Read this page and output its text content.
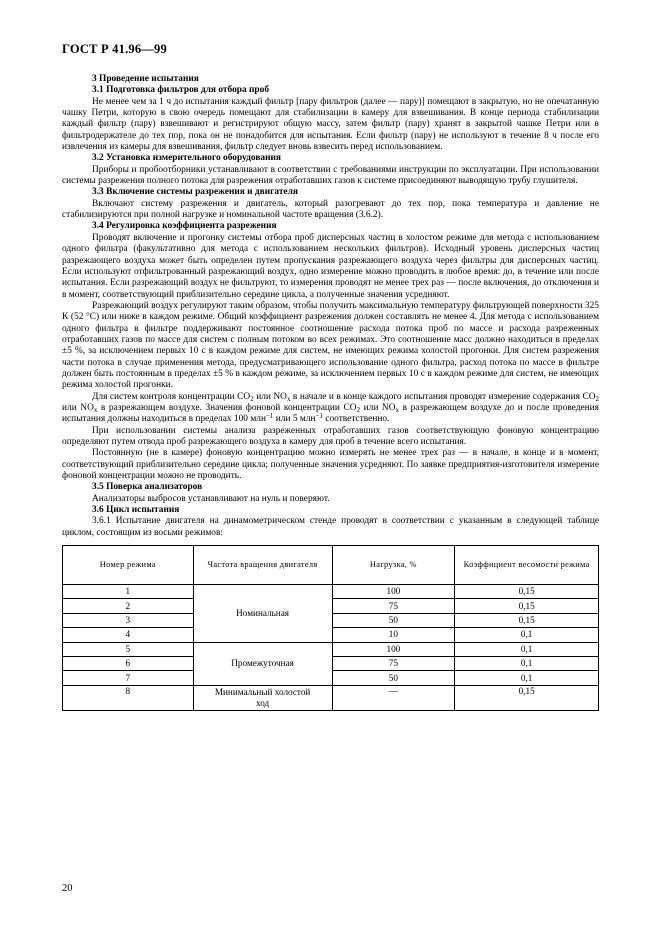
ГОСТ Р 41.96—99
3 Проведение испытания
3.1 Подготовка фильтров для отбора проб

Не менее чем за 1 ч до испытания каждый фильтр [пару фильтров (далее — пару)] помещают в закрытую, но не опечатанную чашку Петри, которую в свою очередь помещают для стабилизации в камеру для взвешивания. В конце периода стабилизации каждый фильтр (пару) взвешивают и регистрируют общую массу, затем фильтр (пару) хранят в закрытой чашке Петри или в фильтродержателе до тех пор, пока он не понадобится для испытания. Если фильтр (пару) не используют в течение 8 ч после его извлечения из камеры для взвешивания, фильтр следует вновь взвесить перед использованием.

3.2 Установка измерительного оборудования

Приборы и пробоотборники устанавливают в соответствии с требованиями инструкции по эксплуатации. При использовании системы разрежения полного потока для разрежения отработавших газов к системе присоединяют выводящую трубу глушителя.

3.3 Включение системы разрежения и двигателя

Включают систему разрежения и двигатель, который разогревают до тех пор, пока температура и давление не стабилизируются при полной нагрузке и номинальной частоте вращения (3.6.2).

3.4 Регулировка коэффициента разрежения

Проводят включение и прогонку системы отбора проб дисперсных частиц в холостом режиме для метода с использованием одного фильтра (факультативно для метода с использованием нескольких фильтров). Исходный уровень дисперсных частиц разрежающего воздуха может быть определен путем пропускания разрежающего воздуха через фильтры для дисперсных частиц. Если используют отфильтрованный разрежающий воздух, одно измерение можно проводить в любое время: до, в течение или после испытания. Если разрежающий воздух не фильтруют, то измерения проводят не менее трех раз — после включения, до отключения и в момент, соответствующий приблизительно середине цикла, а полученные значения усредняют.

Разрежающий воздух регулируют таким образом, чтобы получить максимальную температуру фильтрующей поверхности 325 К (52 °С) или ниже в каждом режиме. Общий коэффициент разрежения должен составлять не менее 4. Для метода с использованием одного фильтра в фильтре поддерживают постоянное соотношение расхода потока проб по массе и расхода разреженных отработавших газов по массе для систем с полным потоком во всех режимах. Это соотношение масс должно находиться в пределах ±5 %, за исключением первых 10 с в каждом режиме для систем, не имеющих режима холостой прогонки. Для систем разрежения части потока в случае применения метода, предусматривающего использование одного фильтра, расход потока по массе в фильтре должен быть постоянным в пределах ±5 % в каждом режиме, за исключением первых 10 с в каждом режиме для систем, не имеющих режима холостой прогонки.

Для систем контроля концентрации $CO_2$ или $NO_x$ в начале и в конце каждого испытания проводят измерение содержания $CO_2$ или $NO_x$ в разрежающем воздухе. Значения фоновой концентрации $CO_2$ или $NO_x$ в разрежающем воздухе до и после проведения испытания должны находиться в пределах 100 млн$^{-1}$ или 5 млн$^{-1}$ соответственно.

При использовании системы анализа разреженных отработавших газов соответствующую фоновую концентрацию определяют путем отвода проб разрежающего воздуха в камеру для проб в течение всего испытания.

Постоянную (не в камере) фоновую концентрацию можно измерять не менее трех раз — в начале, в конце и в момент, соответствующий приблизительно середине цикла; полученные значения усредняют. По заявке предприятия-изготовителя измерение фоновой концентрации можно не проводить.

3.5 Поверка анализаторов

Анализаторы выбросов устанавливают на нуль и поверяют.

3.6 Цикл испытания

3.6.1 Испытание двигателя на динамометрическом стенде проводят в соответствии с указанным в следующей таблице циклом, состоящим из восьми режимов:

Номер режима	Частота вращения двигателя	Нагрузка, %	Коэффициент весомости режима
1	Номинальная	100	0,15
2		75	0,15
3		50	0,15
4		10	0,1
5	Промежуточная	100	0,1
6		75	0,1
7		50	0,1
8	Минимальный холостой ход	—	0,15
20
